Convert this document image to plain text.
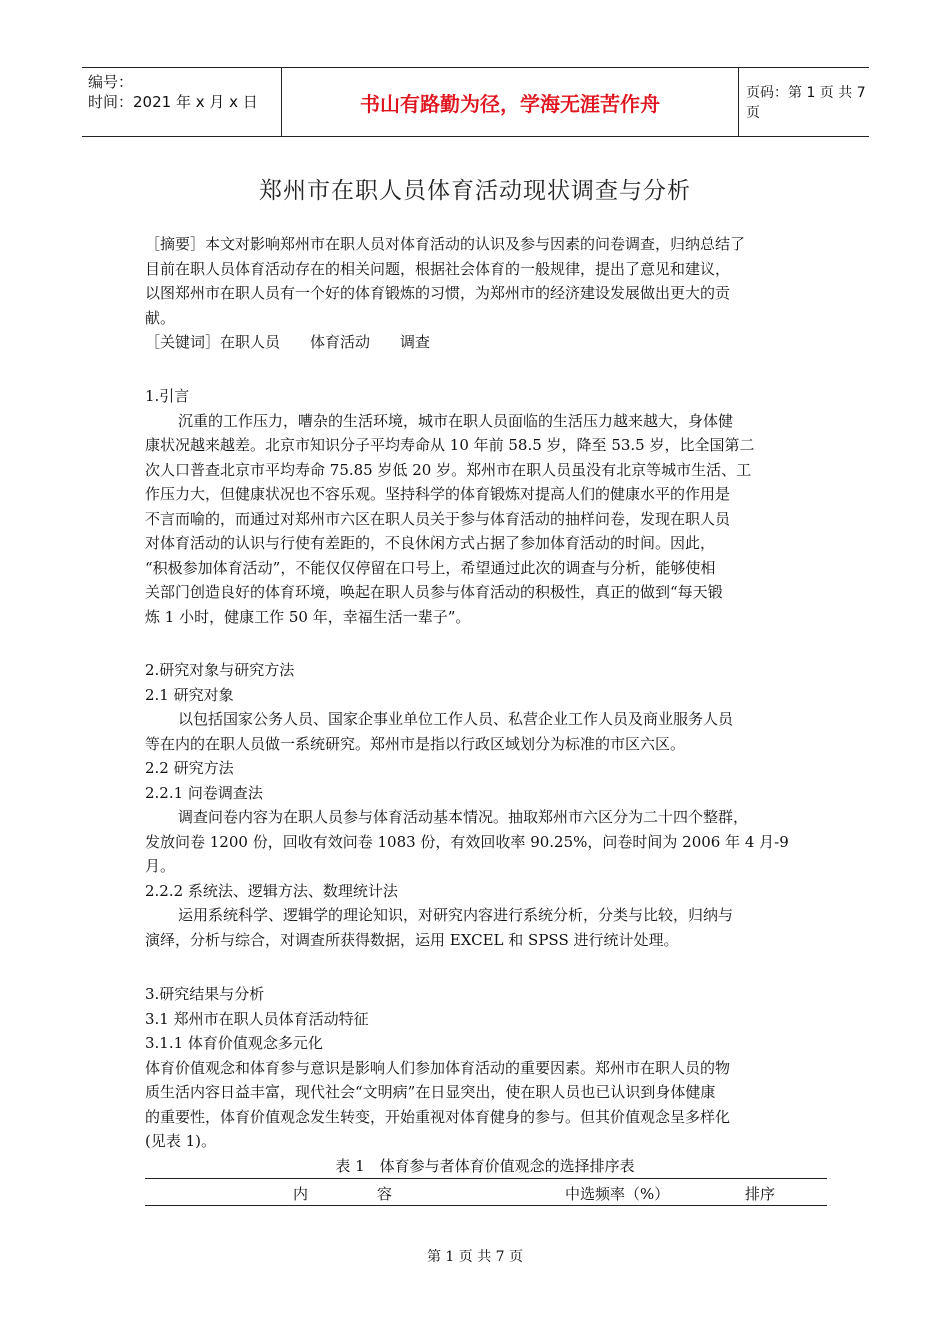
编号：
时间：2021 年 x 月 x 日	书山有路勤为径，学海无涯苦作舟	页码：第 1 页 共 7 页
郑州市在职人员体育活动现状调查与分析

［摘要］本文对影响郑州市在职人员对体育活动的认识及参与因素的问卷调查，归纳总结了

目前在职人员体育活动存在的相关问题，根据社会体育的一般规律，提出了意见和建议，

以图郑州市在职人员有一个好的体育锻炼的习惯，为郑州市的经济建设发展做出更大的贡

献。

［关键词］在职人员　　体育活动　　调查

1.引言

沉重的工作压力，嘈杂的生活环境，城市在职人员面临的生活压力越来越大，身体健

康状况越来越差。北京市知识分子平均寿命从 10 年前 58.5 岁，降至 53.5 岁，比全国第二

次人口普查北京市平均寿命 75.85 岁低 20 岁。郑州市在职人员虽没有北京等城市生活、工

作压力大，但健康状况也不容乐观。坚持科学的体育锻炼对提高人们的健康水平的作用是

不言而喻的，而通过对郑州市六区在职人员关于参与体育活动的抽样问卷，发现在职人员

对体育活动的认识与行使有差距的，不良休闲方式占据了参加体育活动的时间。因此，

“积极参加体育活动”，不能仅仅停留在口号上，希望通过此次的调查与分析，能够使相

关部门创造良好的体育环境，唤起在职人员参与体育活动的积极性，真正的做到“每天锻

炼 1 小时，健康工作 50 年，幸福生活一辈子”。

2.研究对象与研究方法

2.1 研究对象

以包括国家公务人员、国家企事业单位工作人员、私营企业工作人员及商业服务人员

等在内的在职人员做一系统研究。郑州市是指以行政区域划分为标准的市区六区。

2.2 研究方法

2.2.1 问卷调查法

调查问卷内容为在职人员参与体育活动基本情况。抽取郑州市六区分为二十四个整群，

发放问卷 1200 份，回收有效问卷 1083 份，有效回收率 90.25%，问卷时间为 2006 年 4 月-9

月。

2.2.2 系统法、逻辑方法、数理统计法

运用系统科学、逻辑学的理论知识，对研究内容进行系统分析，分类与比较，归纳与

演绎，分析与综合，对调查所获得数据，运用 EXCEL 和 SPSS 进行统计处理。

3.研究结果与分析

3.1 郑州市在职人员体育活动特征

3.1.1 体育价值观念多元化

体育价值观念和体育参与意识是影响人们参加体育活动的重要因素。郑州市在职人员的物

质生活内容日益丰富，现代社会“文明病”在日显突出，使在职人员也已认识到身体健康

的重要性，体育价值观念发生转变，开始重视对体育健身的参与。但其价值观念呈多样化

(见表 1)。

表 1　体育参与者体育价值观念的选择排序表
内	容	中选频率（%）	排序
第 1 页 共 7 页
